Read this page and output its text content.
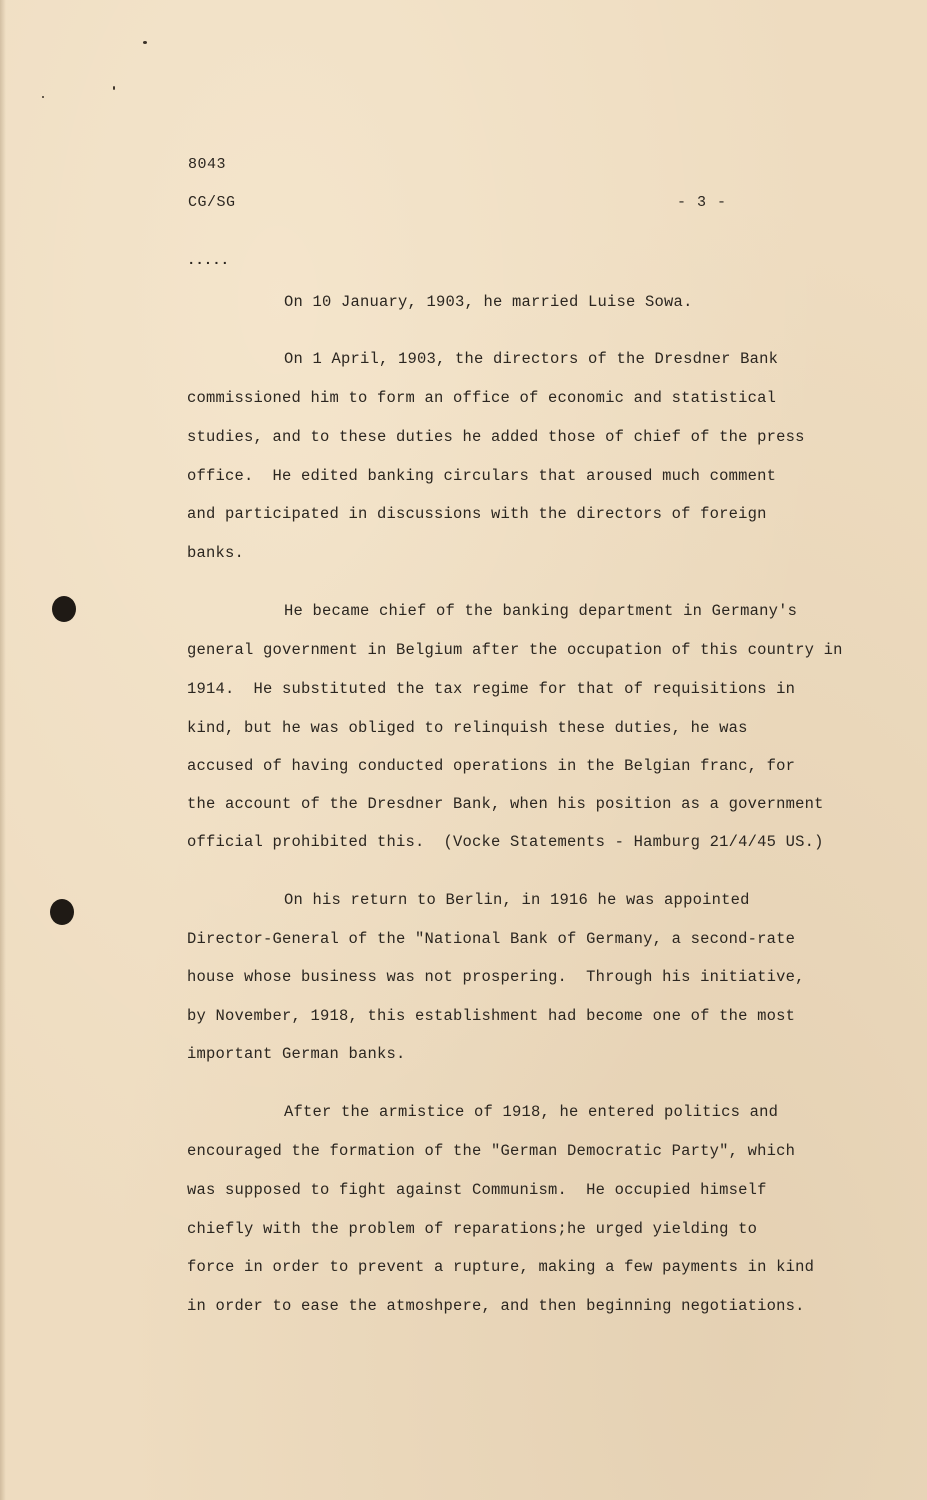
8043
CG/SG	- 3 -
.....
On 10 January, 1903, he married Luise Sowa.
On 1 April, 1903, the directors of the Dresdner Bank
commissioned him to form an office of economic and statistical
studies, and to these duties he added those of chief of the press
office.  He edited banking circulars that aroused much comment
and participated in discussions with the directors of foreign
banks.
He became chief of the banking department in Germany's
general government in Belgium after the occupation of this country in
1914.  He substituted the tax regime for that of requisitions in
kind, but he was obliged to relinquish these duties, he was
accused of having conducted operations in the Belgian franc, for
the account of the Dresdner Bank, when his position as a government
official prohibited this.  (Vocke Statements - Hamburg 21/4/45 US.)
On his return to Berlin, in 1916 he was appointed
Director-General of the "National Bank of Germany, a second-rate
house whose business was not prospering.  Through his initiative,
by November, 1918, this establishment had become one of the most
important German banks.
After the armistice of 1918, he entered politics and
encouraged the formation of the "German Democratic Party", which
was supposed to fight against Communism.  He occupied himself
chiefly with the problem of reparations;he urged yielding to
force in order to prevent a rupture, making a few payments in kind
in order to ease the atmoshpere, and then beginning negotiations.
